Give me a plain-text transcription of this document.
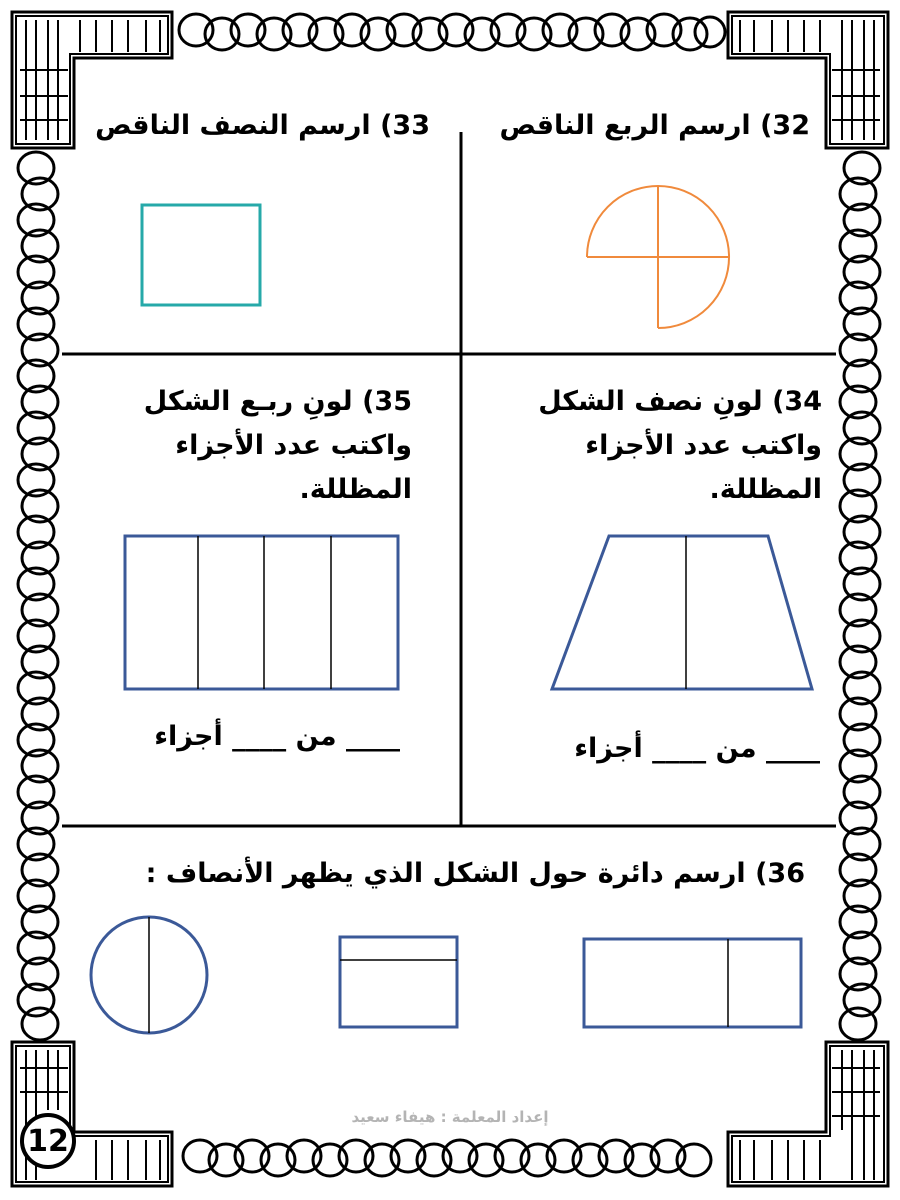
32) ارسم الربع الناقص
33) ارسم النصف الناقص
34) لونِ نصف الشكل
واكتب عدد الأجزاء
المظللة.
35) لونِ ربـع الشكل
واكتب عدد الأجزاء
المظللة.
____ من ____ أجزاء
____ من ____ أجزاء
36) ارسم دائرة حول الشكل الذي يظهر الأنصاف :
إعداد المعلمة : هيفاء سعيد
12
